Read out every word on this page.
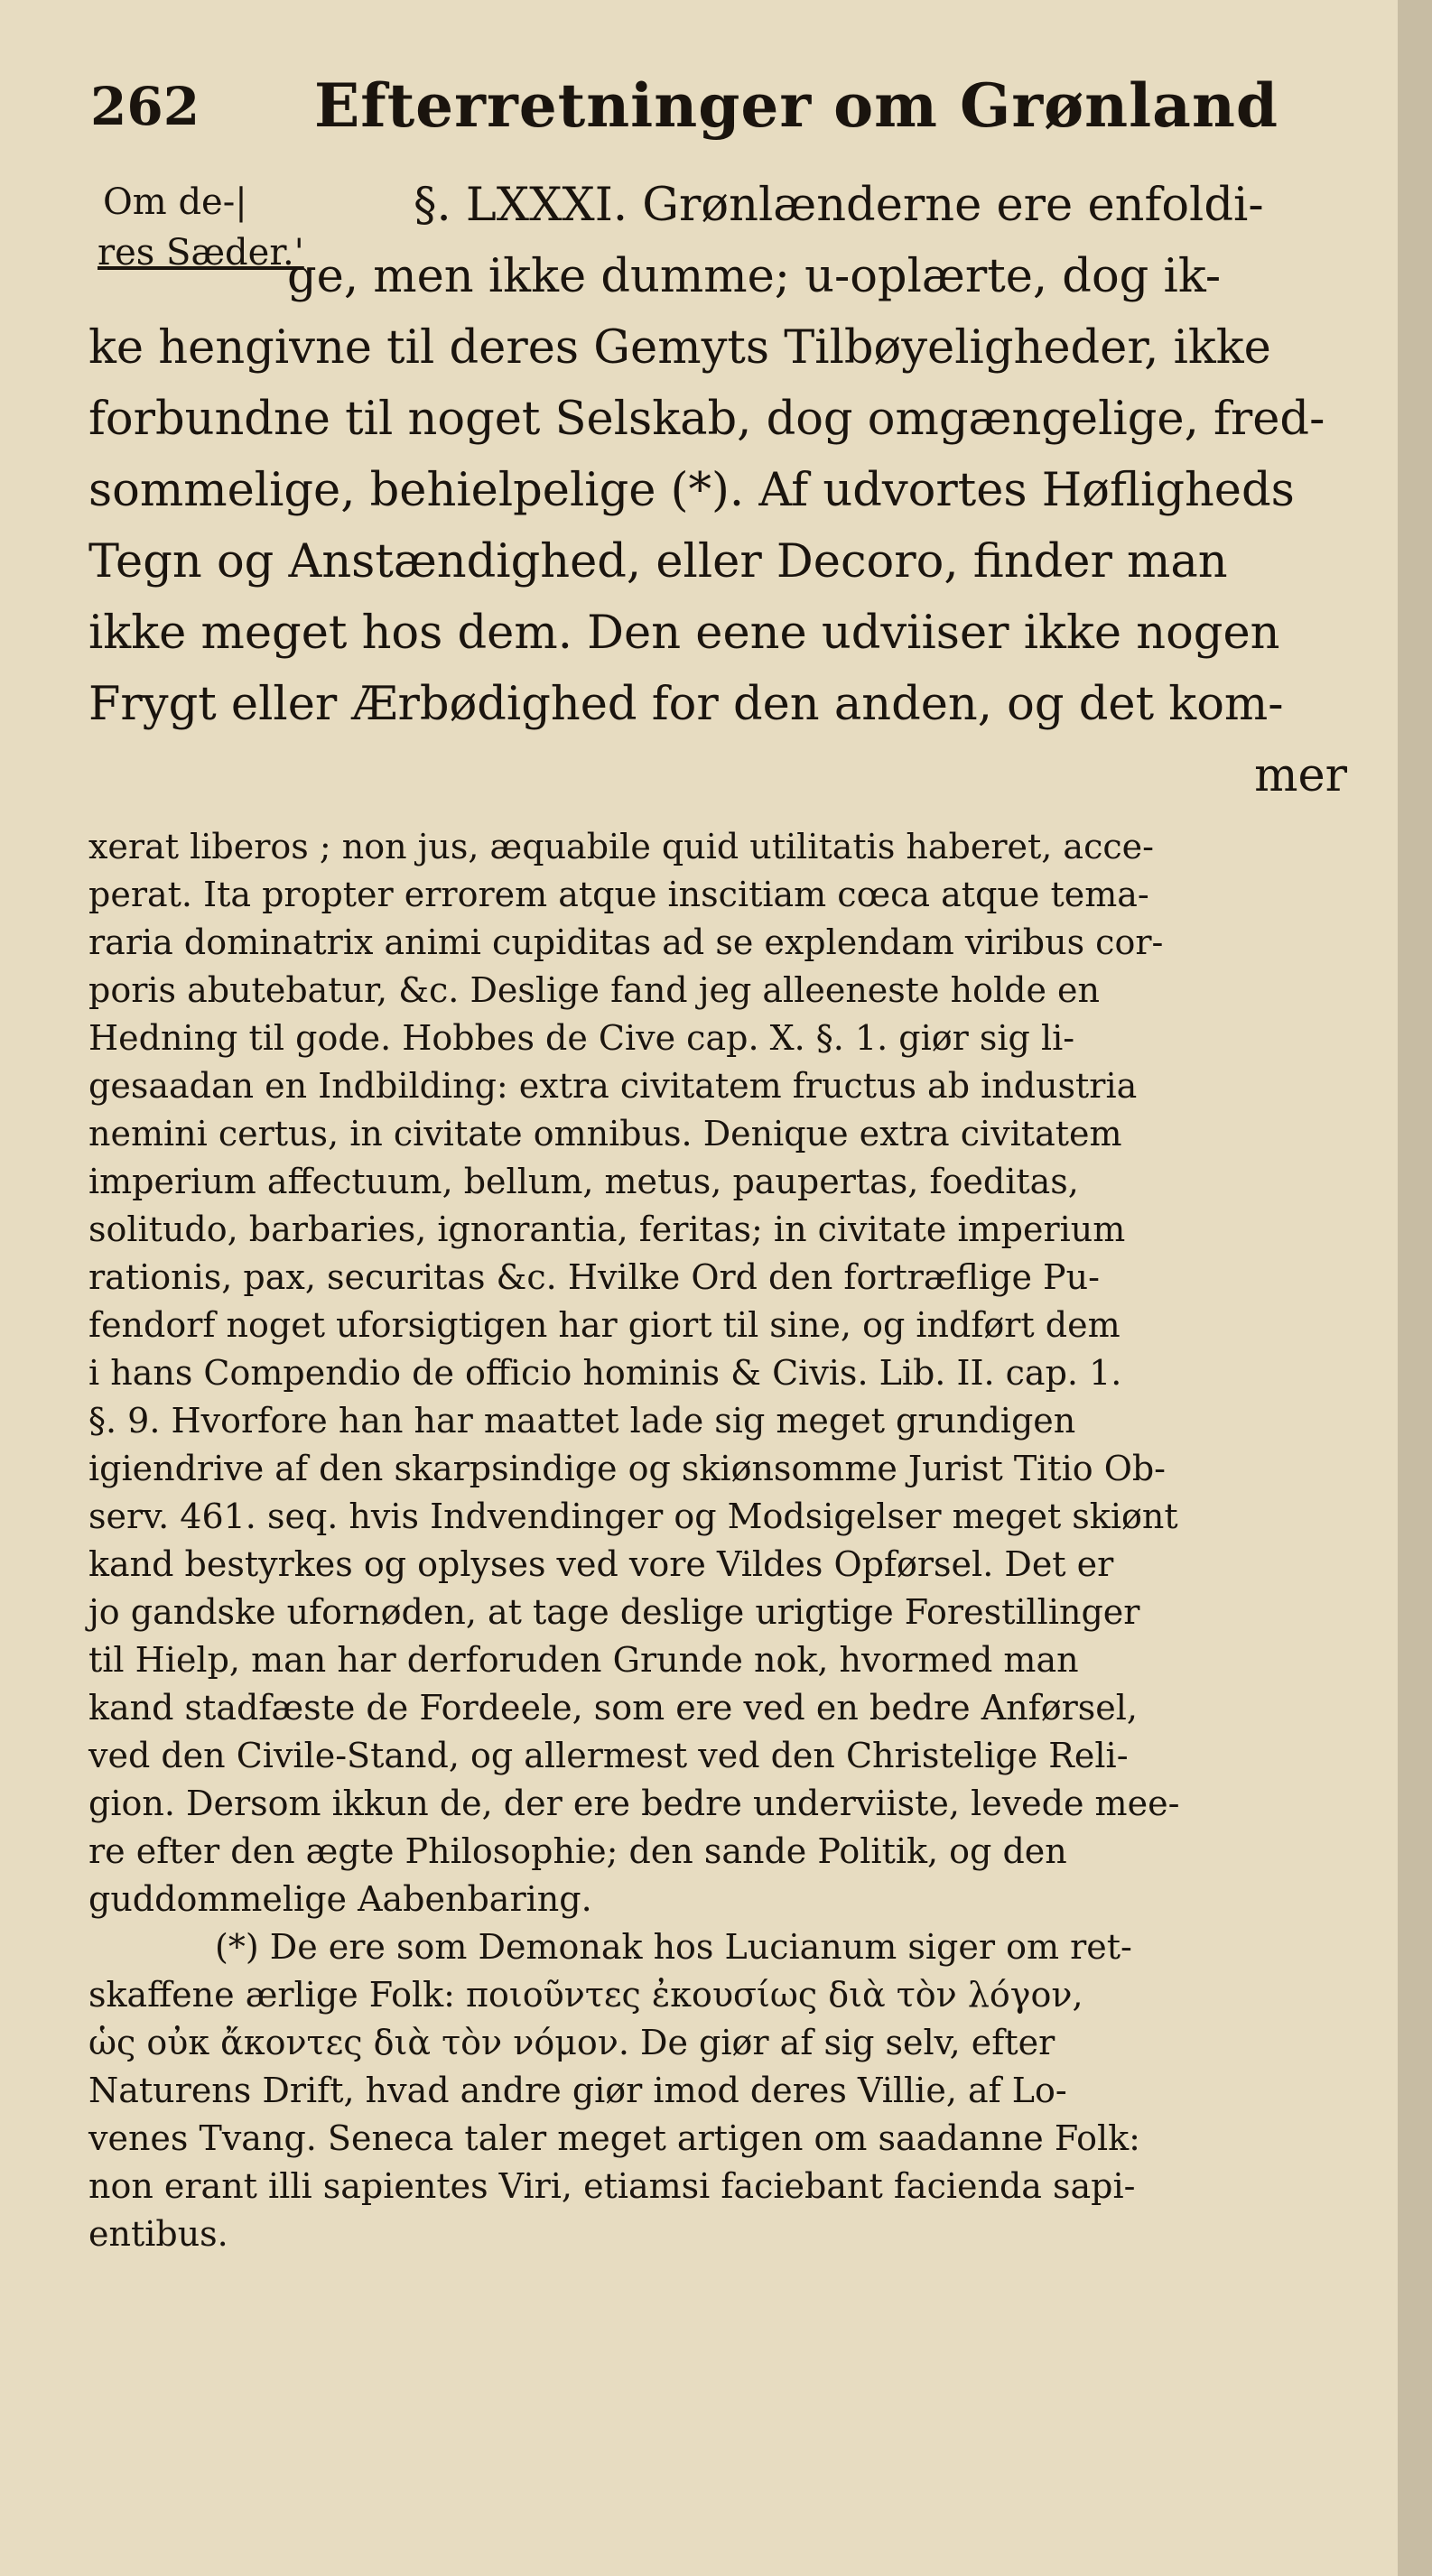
262 Efterretninger om Grønland
Om de-|
res Sæder.'
§. LXXXI. Grønlænderne ere enfoldi-
ge, men ikke dumme; u-oplærte, dog ik-
ke hengivne til deres Gemyts Tilbøyeligheder, ikke
forbundne til noget Selskab, dog omgængelige, fred-
sommelige, behielpelige (*). Af udvortes Høfligheds
Tegn og Anstændighed, eller Decoro, finder man
ikke meget hos dem. Den eene udviiser ikke nogen
Frygt eller Ærbødighed for den anden, og det kom-
mer
xerat liberos ; non jus, æquabile quid utilitatis haberet, acce-
perat. Ita propter errorem atque inscitiam cœca atque tema-
raria dominatrix animi cupiditas ad se explendam viribus cor-
poris abutebatur, &c. Deslige fand jeg alleeneste holde en
Hedning til gode. Hobbes de Cive cap. X. §. 1. giør sig li-
gesaadan en Indbilding: extra civitatem fructus ab industria
nemini certus, in civitate omnibus. Denique extra civitatem
imperium affectuum, bellum, metus, paupertas, foeditas,
solitudo, barbaries, ignorantia, feritas; in civitate imperium
rationis, pax, securitas &c. Hvilke Ord den fortræflige Pu-
fendorf noget uforsigtigen har giort til sine, og indført dem
i hans Compendio de officio hominis & Civis. Lib. II. cap. 1.
§. 9. Hvorfore han har maattet lade sig meget grundigen
igiendrive af den skarpsindige og skiønsomme Jurist Titio Ob-
serv. 461. seq. hvis Indvendinger og Modsigelser meget skiønt
kand bestyrkes og oplyses ved vore Vildes Opførsel. Det er
jo gandske ufornøden, at tage deslige urigtige Forestillinger
til Hielp, man har derforuden Grunde nok, hvormed man
kand stadfæste de Fordeele, som ere ved en bedre Anførsel,
ved den Civile-Stand, og allermest ved den Christelige Reli-
gion. Dersom ikkun de, der ere bedre underviiste, levede mee-
re efter den ægte Philosophie; den sande Politik, og den
guddommelige Aabenbaring.
(*) De ere som Demonak hos Lucianum siger om ret-
skaffene ærlige Folk: ποιοῦντες ἐκουσίως διὰ τὸν λόγον,
ὡς οὐκ ἄκοντες διὰ τὸν νόμον. De giør af sig selv, efter
Naturens Drift, hvad andre giør imod deres Villie, af Lo-
venes Tvang. Seneca taler meget artigen om saadanne Folk:
non erant illi sapientes Viri, etiamsi faciebant facienda sapi-
entibus.
